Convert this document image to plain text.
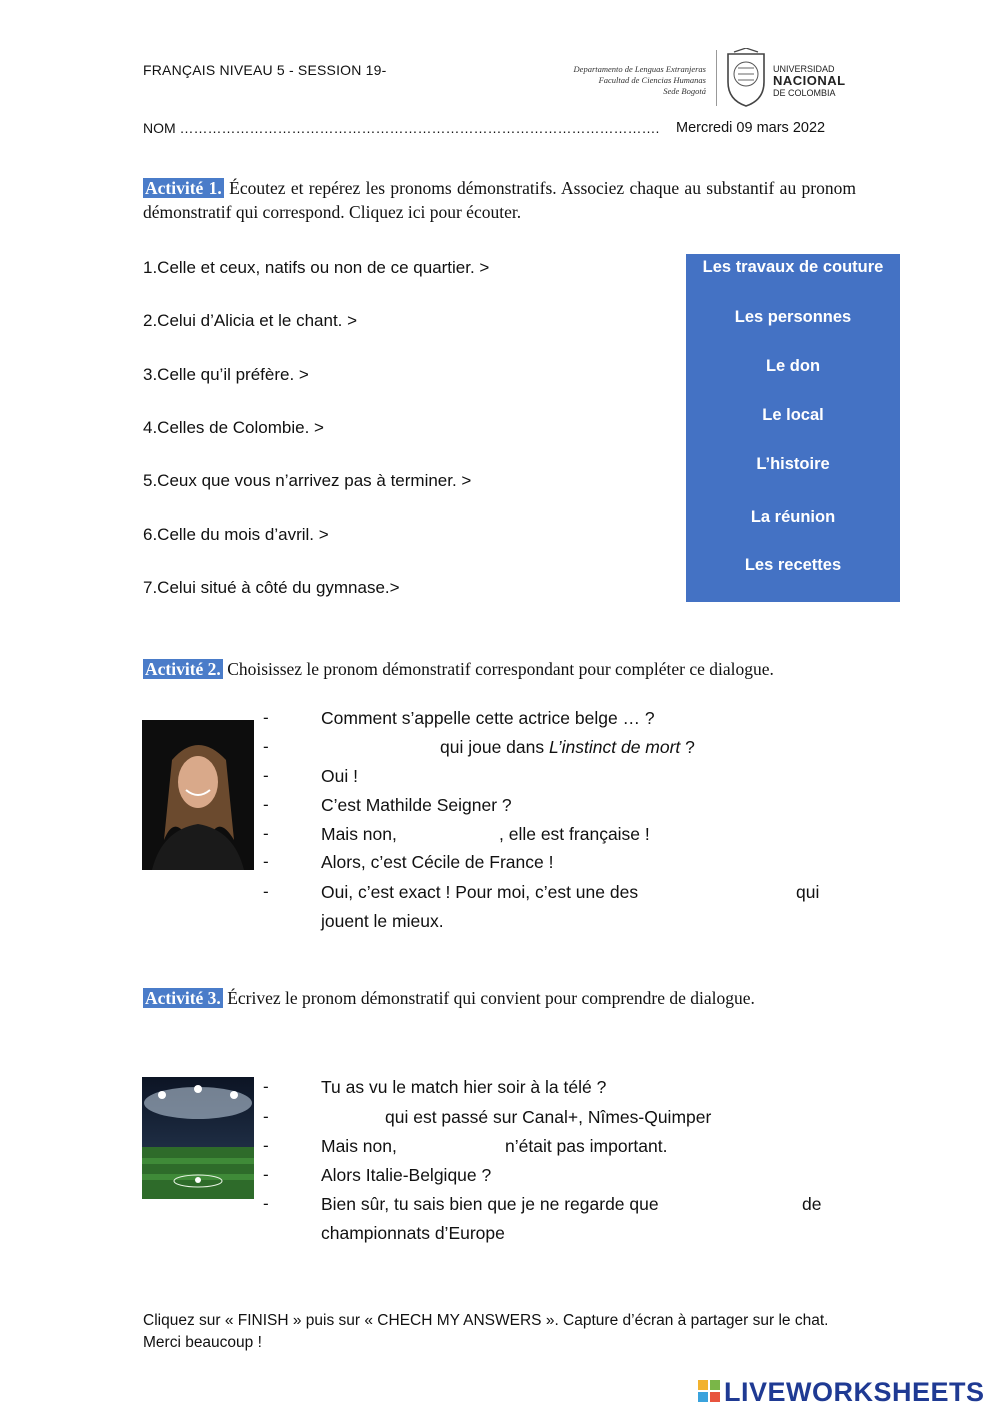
FRANÇAIS NIVEAU 5 - SESSION 19-	Departamento de Lenguas Extranjeras
Facultad de Ciencias Humanas
Sede Bogotá
UNIVERSIDAD
NACIONAL
DE COLOMBIA
NOM …………………………………………………………………………………………. Mercredi 09 mars 2022
Activité 1. Écoutez et repérez les pronoms démonstratifs. Associez chaque au substantif au pronom démonstratif qui correspond. Cliquez ici pour écouter.
1.Celle et ceux, natifs ou non de ce quartier. >
2.Celui d’Alicia et le chant. >
3.Celle qu’il préfère. >
4.Celles de Colombie. >
5.Ceux que vous n’arrivez pas à terminer. >
6.Celle du mois d’avril. >
7.Celui situé à côté du gymnase.>
Les travaux de couture
Les personnes
Le don
Le local
L’histoire
La réunion
Les recettes
Activité 2. Choisissez le pronom démonstratif correspondant pour compléter ce dialogue.
-	Comment s’appelle cette actrice belge … ?
-	qui joue dans L’instinct de mort ?
-	Oui !
-	C’est Mathilde Seigner ?
-	Mais non,	, elle est française !
-	Alors, c’est Cécile de France !
-	Oui, c’est exact ! Pour moi, c’est une des	qui
jouent le mieux.
Activité 3. Écrivez le pronom démonstratif qui convient pour comprendre de dialogue.
-	Tu as vu le match hier soir à la télé ?
-	qui est passé sur Canal+, Nîmes-Quimper
-	Mais non,	n’était pas important.
-	Alors Italie-Belgique ?
-	Bien sûr, tu sais bien que je ne regarde que	de
championnats d’Europe
Cliquez sur « FINISH » puis sur « CHECH MY ANSWERS ». Capture d’écran à partager sur le chat. Merci beaucoup !
LIVEWORKSHEETS
